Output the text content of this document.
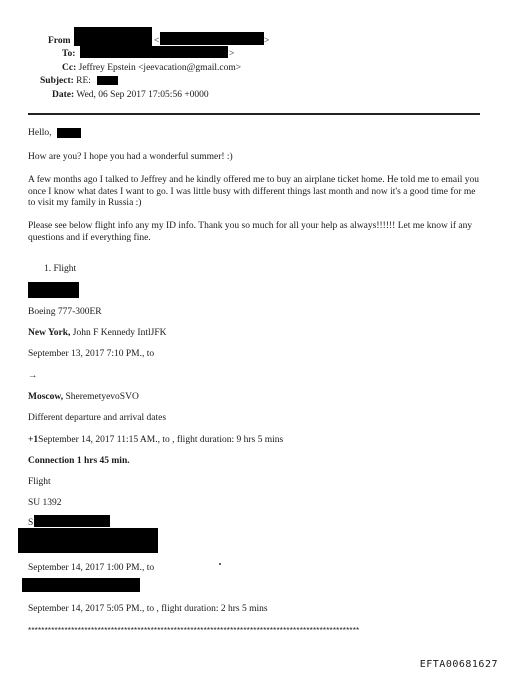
From	<	>
To:	>
Cc: Jeffrey Epstein <jeevacation@gmail.com>
Subject: RE:
Date: Wed, 06 Sep 2017 17:05:56 +0000
Hello,
How are you? I hope you had a wonderful summer! :)
A few months ago I talked to Jeffrey and he kindly offered me to buy an airplane ticket home. He told me to email you once I know what dates I want to go. I was little busy with different things last month and now it's a good time for me to visit my family in Russia :)
Please see below flight info any my ID info. Thank you so much for all your help as always!!!!!! Let me know if any questions and if everything fine.
1. Flight
Boeing 777-300ER
New York, John F Kennedy IntlJFK
September 13, 2017 7:10 PM., to
→
Moscow, SheremetyevoSVO
Different departure and arrival dates
+1September 14, 2017 11:15 AM., to , flight duration: 9 hrs 5 mins
Connection 1 hrs 45 min.
Flight
SU 1392
S
September 14, 2017 1:00 PM., to
September 14, 2017 5:05 PM., to , flight duration: 2 hrs 5 mins
****************************************************************************************************
EFTA00681627
